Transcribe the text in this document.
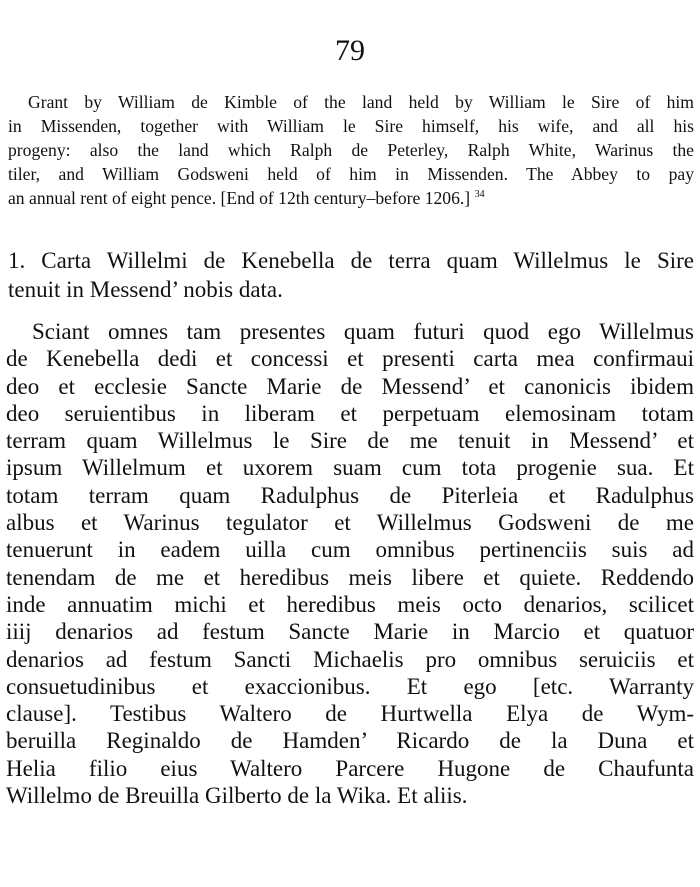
79
Grant by William de Kimble of the land held by William le Sire of him
in Missenden, together with William le Sire himself, his wife, and all his
progeny: also the land which Ralph de Peterley, Ralph White, Warinus the
tiler, and William Godsweni held of him in Missenden. The Abbey to pay
an annual rent of eight pence. [End of 12th century–before 1206.] $^{34}$
1. Carta Willelmi de Kenebella de terra quam Willelmus le Sire
tenuit in Messend’ nobis data.
Sciant omnes tam presentes quam futuri quod ego Willelmus
de Kenebella dedi et concessi et presenti carta mea confirmaui
deo et ecclesie Sancte Marie de Messend’ et canonicis ibidem
deo seruientibus in liberam et perpetuam elemosinam totam
terram quam Willelmus le Sire de me tenuit in Messend’ et
ipsum Willelmum et uxorem suam cum tota progenie sua. Et
totam terram quam Radulphus de Piterleia et Radulphus
albus et Warinus tegulator et Willelmus Godsweni de me
tenuerunt in eadem uilla cum omnibus pertinenciis suis ad
tenendam de me et heredibus meis libere et quiete. Reddendo
inde annuatim michi et heredibus meis octo denarios, scilicet
iiij denarios ad festum Sancte Marie in Marcio et quatuor
denarios ad festum Sancti Michaelis pro omnibus seruiciis et
consuetudinibus et exaccionibus. Et ego [etc. Warranty
clause]. Testibus Waltero de Hurtwella Elya de Wym-
beruilla Reginaldo de Hamden’ Ricardo de la Duna et
Helia filio eius Waltero Parcere Hugone de Chaufunta
Willelmo de Breuilla Gilberto de la Wika. Et aliis.
